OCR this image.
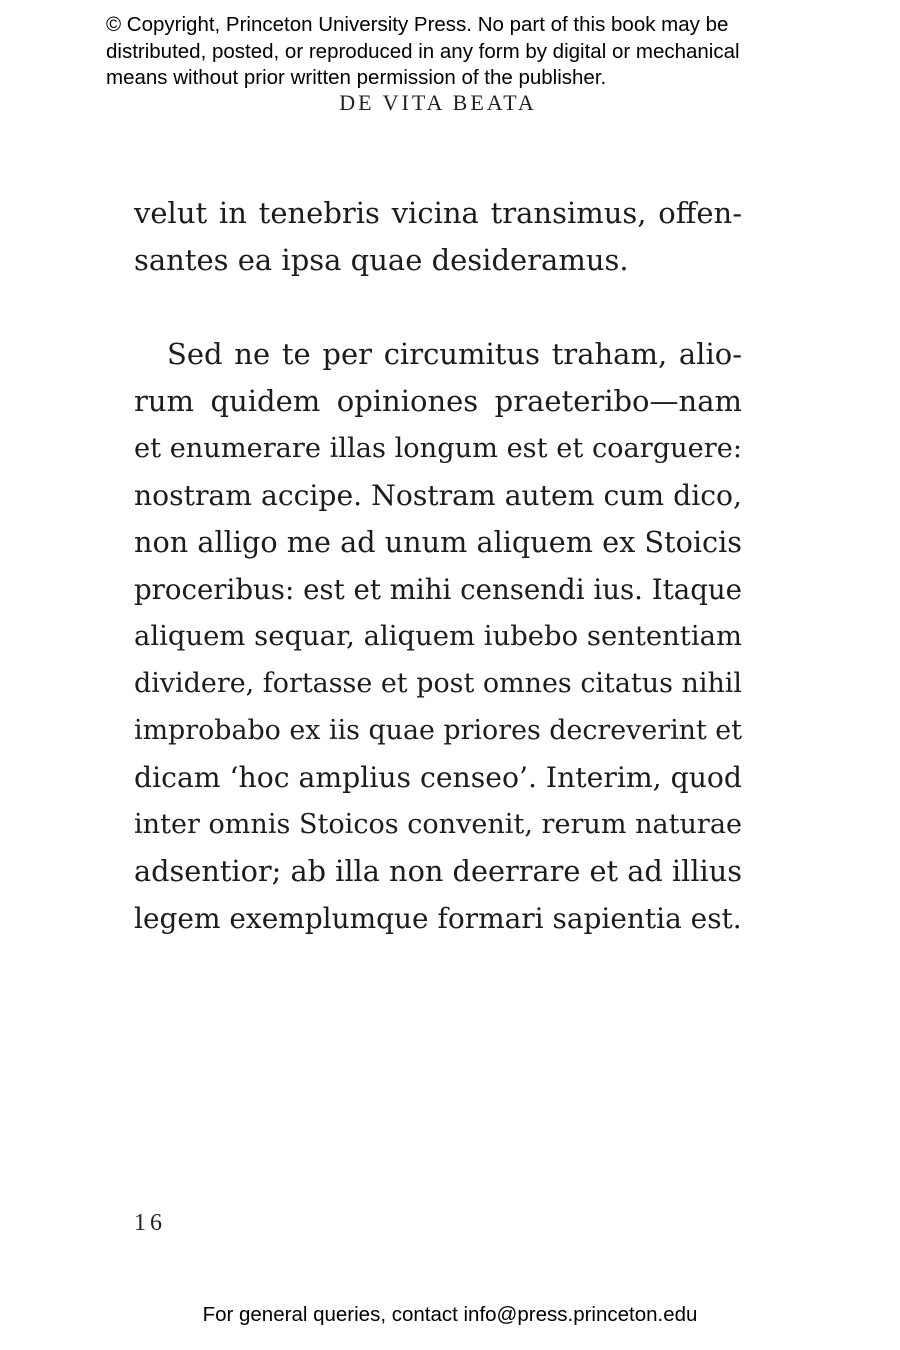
© Copyright, Princeton University Press. No part of this book may be
distributed, posted, or reproduced in any form by digital or mechanical
means without prior written permission of the publisher.
DE VITA BEATA
velut in tenebris vicina transimus, offen-
santes ea ipsa quae desideramus.
Sed ne te per circumitus traham, alio-
rum quidem opiniones praeteribo—nam
et enumerare illas longum est et coarguere:
nostram accipe. Nostram autem cum dico,
non alligo me ad unum aliquem ex Stoicis
proceribus: est et mihi censendi ius. Itaque
aliquem sequar, aliquem iubebo sententiam
dividere, fortasse et post omnes citatus nihil
improbabo ex iis quae priores decreverint et
dicam ‘hoc amplius censeo’. Interim, quod
inter omnis Stoicos convenit, rerum naturae
adsentior; ab illa non deerrare et ad illius
legem exemplumque formari sapientia est.
16
For general queries, contact info@press.princeton.edu
